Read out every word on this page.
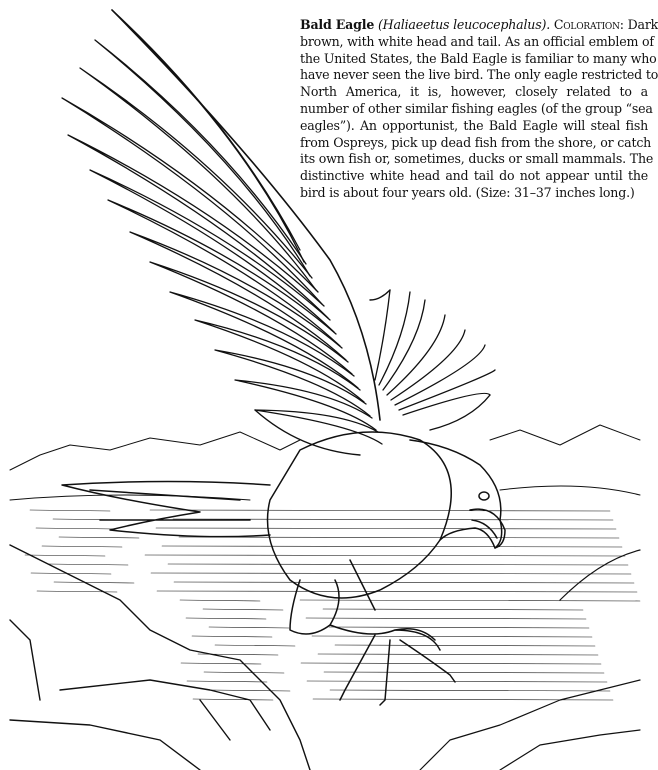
Bald Eagle (Haliaeetus leucocephalus). Coloration: Dark
brown, with white head and tail. As an official emblem of
the United States, the Bald Eagle is familiar to many who
have never seen the live bird. The only eagle restricted to
North America, it is, however, closely related to a
number of other similar fishing eagles (of the group “sea
eagles”). An opportunist, the Bald Eagle will steal fish
from Ospreys, pick up dead fish from the shore, or catch
its own fish or, sometimes, ducks or small mammals. The
distinctive white head and tail do not appear until the
bird is about four years old. (Size: 31–37 inches long.)
